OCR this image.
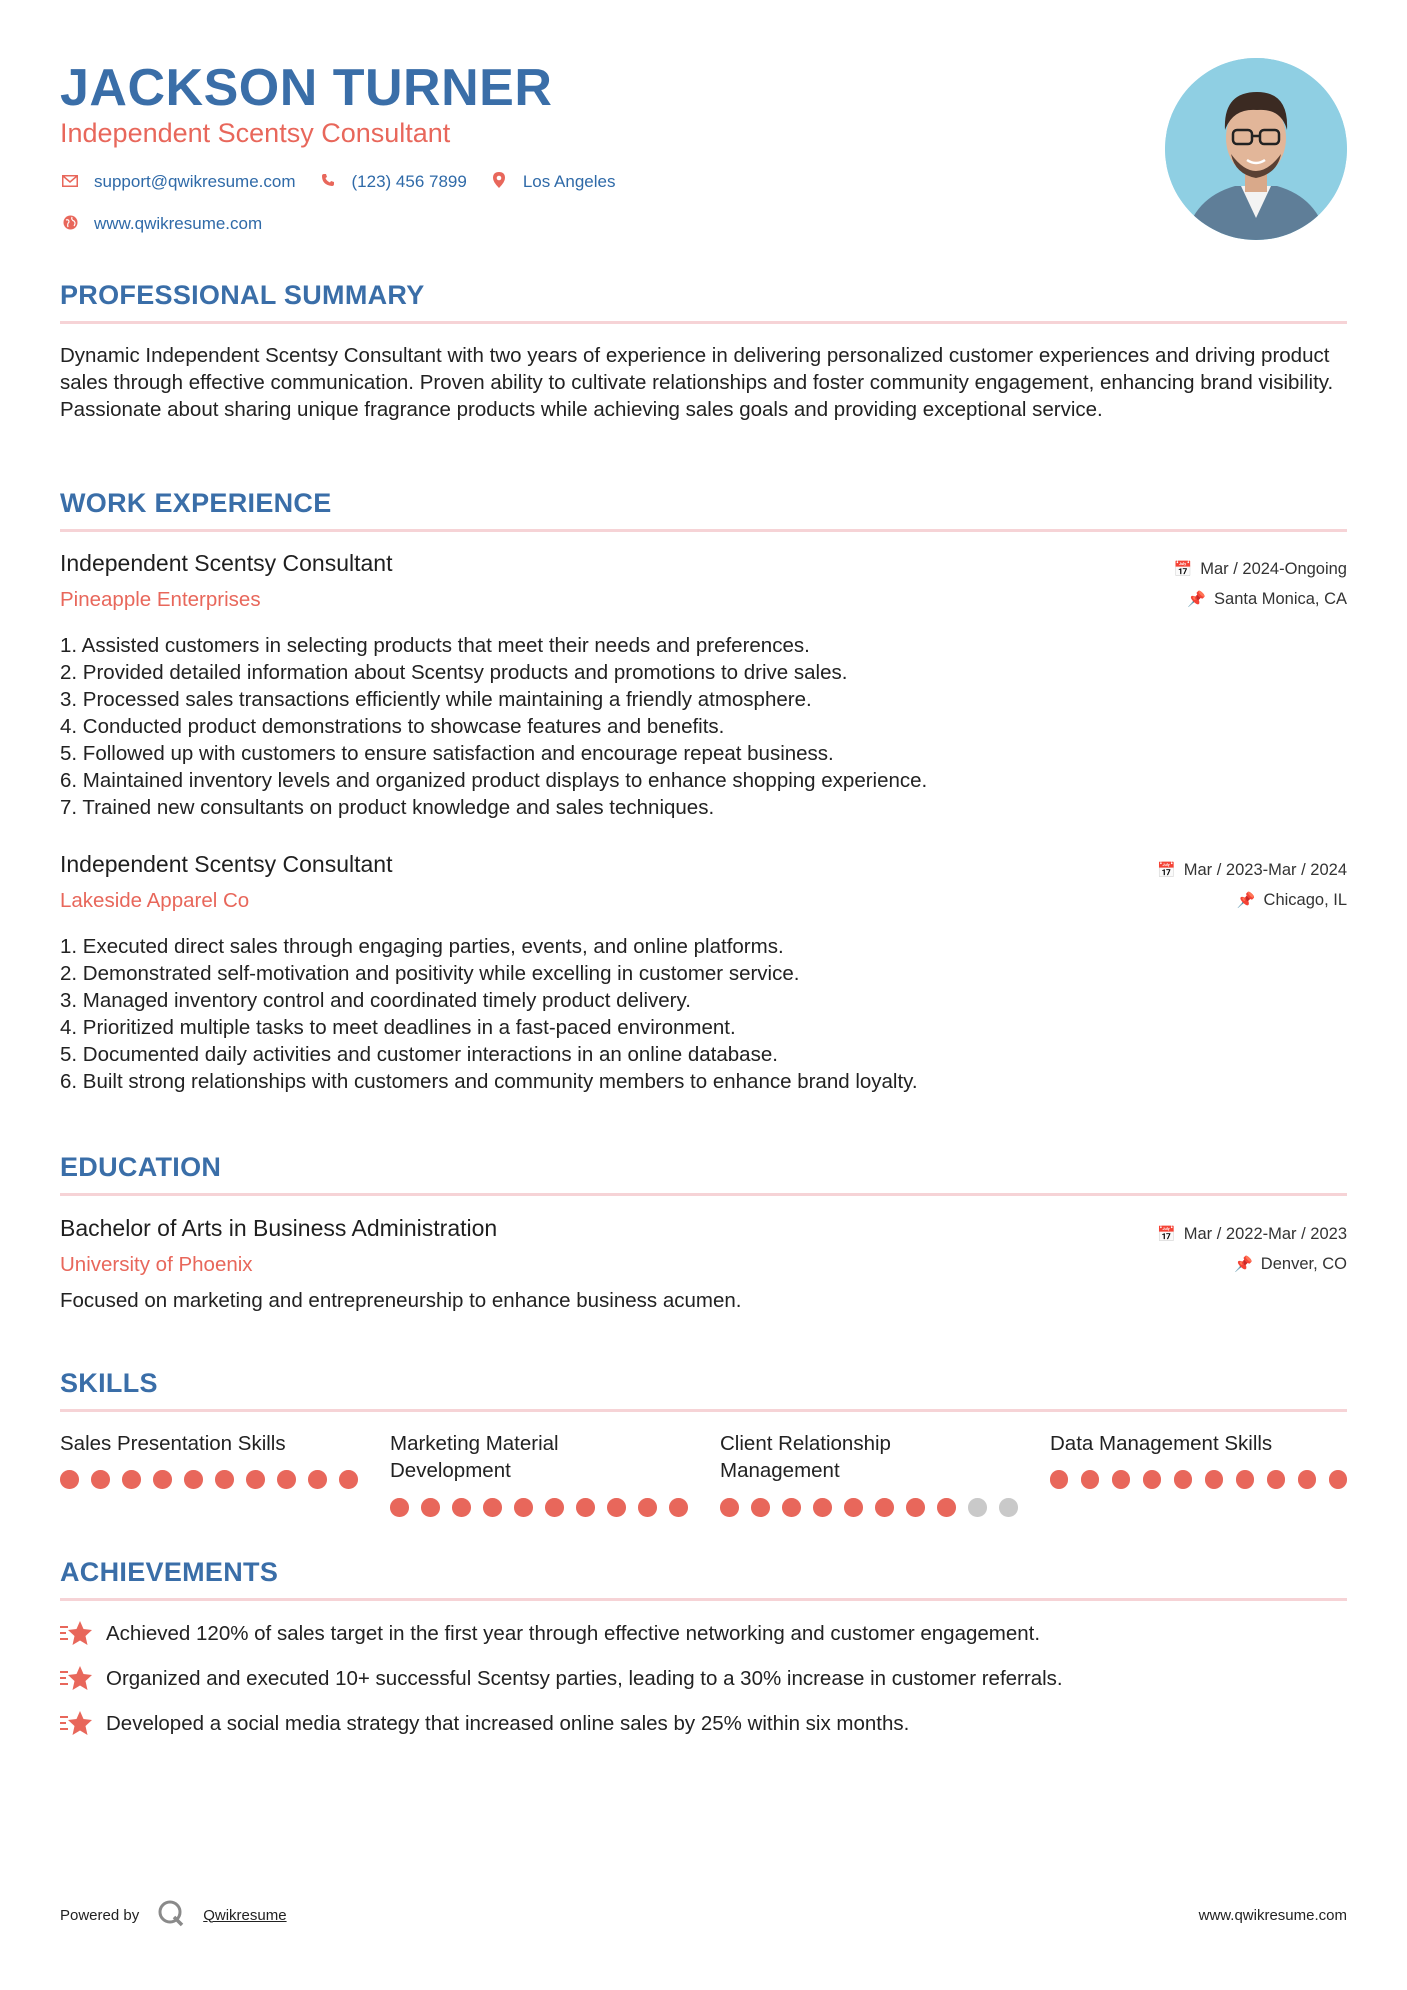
JACKSON TURNER
Independent Scentsy Consultant
support@qwikresume.com	(123) 456 7899	Los Angeles
www.qwikresume.com
PROFESSIONAL SUMMARY
Dynamic Independent Scentsy Consultant with two years of experience in delivering personalized customer experiences and driving product sales through effective communication. Proven ability to cultivate relationships and foster community engagement, enhancing brand visibility. Passionate about sharing unique fragrance products while achieving sales goals and providing exceptional service.
WORK EXPERIENCE
Independent Scentsy Consultant
Pineapple Enterprises
📅 Mar / 2024-Ongoing
📌 Santa Monica, CA
1. Assisted customers in selecting products that meet their needs and preferences.
2. Provided detailed information about Scentsy products and promotions to drive sales.
3. Processed sales transactions efficiently while maintaining a friendly atmosphere.
4. Conducted product demonstrations to showcase features and benefits.
5. Followed up with customers to ensure satisfaction and encourage repeat business.
6. Maintained inventory levels and organized product displays to enhance shopping experience.
7. Trained new consultants on product knowledge and sales techniques.
Independent Scentsy Consultant
Lakeside Apparel Co
📅 Mar / 2023-Mar / 2024
📌 Chicago, IL
1. Executed direct sales through engaging parties, events, and online platforms.
2. Demonstrated self-motivation and positivity while excelling in customer service.
3. Managed inventory control and coordinated timely product delivery.
4. Prioritized multiple tasks to meet deadlines in a fast-paced environment.
5. Documented daily activities and customer interactions in an online database.
6. Built strong relationships with customers and community members to enhance brand loyalty.
EDUCATION
Bachelor of Arts in Business Administration
University of Phoenix
📅 Mar / 2022-Mar / 2023
📌 Denver, CO
Focused on marketing and entrepreneurship to enhance business acumen.
SKILLS
Sales Presentation Skills	Marketing Material Development
Client Relationship Management
Data Management Skills
ACHIEVEMENTS
Achieved 120% of sales target in the first year through effective networking and customer engagement.
Organized and executed 10+ successful Scentsy parties, leading to a 30% increase in customer referrals.
Developed a social media strategy that increased online sales by 25% within six months.
Powered by	Qwikresume	www.qwikresume.com
